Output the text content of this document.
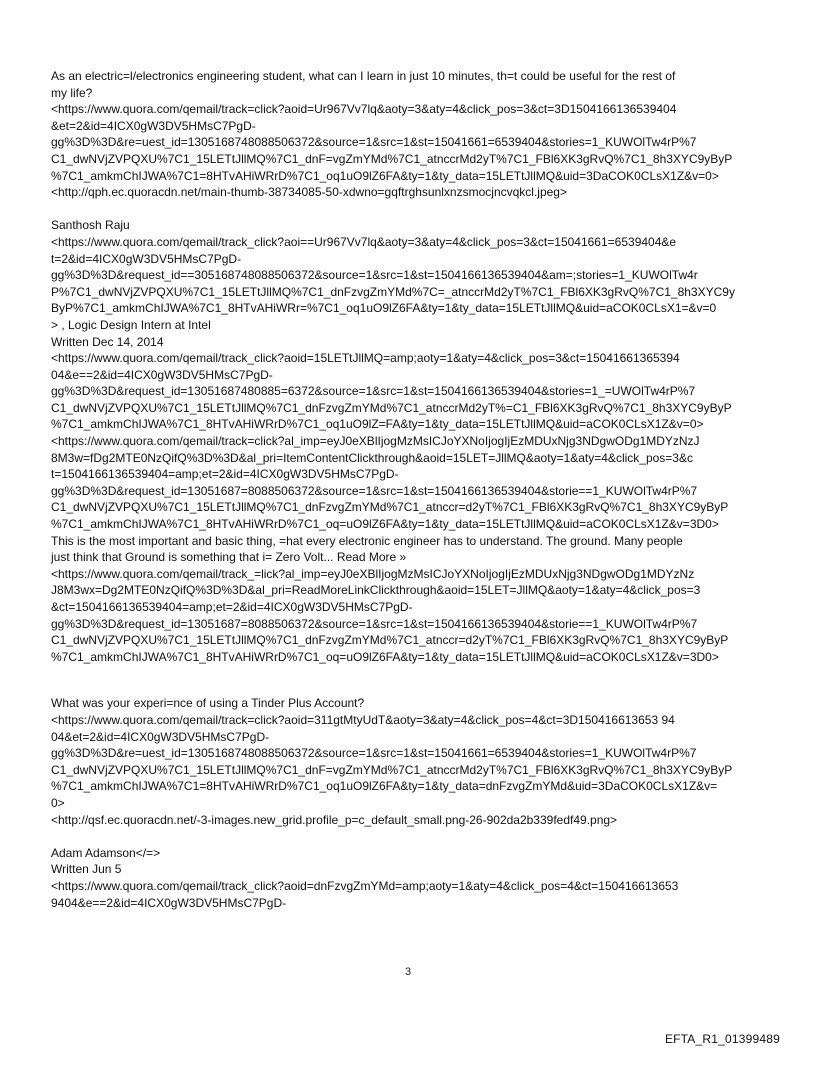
As an electric=l/electronics engineering student, what can I learn in just 10 minutes, th=t could be useful for the rest of
my life?
<https://www.quora.com/qemail/track=click?aoid=Ur967Vv7lq&aoty=3&aty=4&click_pos=3&ct=3D1504166136539404
&et=2&id=4ICX0gW3DV5HMsC7PgD-
gg%3D%3D&re=uest_id=1305168748088506372&source=1&src=1&st=15041661=6539404&stories=1_KUWOlTw4rP%7
C1_dwNVjZVPQXU%7C1_15LETtJllMQ%7C1_dnF=vgZmYMd%7C1_atnccrMd2yT%7C1_FBl6XK3gRvQ%7C1_8h3XYC9yByP
%7C1_amkmChIJWA%7C1=8HTvAHiWRrD%7C1_oq1uO9lZ6FA&ty=1&ty_data=15LETtJllMQ&uid=3DaCOK0CLsX1Z&v=0>
<http://qph.ec.quoracdn.net/main-thumb-38734085-50-xdwno=gqftrghsunlxnzsmocjncvqkcl.jpeg>
Santhosh Raju
<https://www.quora.com/qemail/track_click?aoi==Ur967Vv7lq&aoty=3&aty=4&click_pos=3&ct=15041661=6539404&e
t=2&id=4ICX0gW3DV5HMsC7PgD-
gg%3D%3D&request_id==305168748088506372&source=1&src=1&st=1504166136539404&am=;stories=1_KUWOlTw4r
P%7C1_dwNVjZVPQXU%7C1_15LETtJllMQ%7C1_dnFzvgZmYMd%7C=_atnccrMd2yT%7C1_FBl6XK3gRvQ%7C1_8h3XYC9y
ByP%7C1_amkmChIJWA%7C1_8HTvAHiWRr=%7C1_oq1uO9lZ6FA&ty=1&ty_data=15LETtJllMQ&uid=aCOK0CLsX1=&v=0
> , Logic Design Intern at Intel
Written Dec 14, 2014
<https://www.quora.com/qemail/track_click?aoid=15LETtJllMQ=amp;aoty=1&aty=4&click_pos=3&ct=15041661365394
04&e==2&id=4ICX0gW3DV5HMsC7PgD-
gg%3D%3D&request_id=13051687480885=6372&source=1&src=1&st=1504166136539404&stories=1_=UWOlTw4rP%7
C1_dwNVjZVPQXU%7C1_15LETtJllMQ%7C1_dnFzvgZmYMd%7C1_atnccrMd2yT%=C1_FBl6XK3gRvQ%7C1_8h3XYC9yByP
%7C1_amkmChIJWA%7C1_8HTvAHiWRrD%7C1_oq1uO9lZ=FA&ty=1&ty_data=15LETtJllMQ&uid=aCOK0CLsX1Z&v=0>
<https://www.quora.com/qemail/track=click?al_imp=eyJ0eXBlIjogMzMsICJoYXNoIjogIjEzMDUxNjg3NDgwODg1MDYzNzJ
8M3w=fDg2MTE0NzQifQ%3D%3D&al_pri=ItemContentClickthrough&aoid=15LET=JllMQ&aoty=1&aty=4&click_pos=3&c
t=1504166136539404=amp;et=2&id=4ICX0gW3DV5HMsC7PgD-
gg%3D%3D&request_id=13051687=8088506372&source=1&src=1&st=1504166136539404&storie==1_KUWOlTw4rP%7
C1_dwNVjZVPQXU%7C1_15LETtJllMQ%7C1_dnFzvgZmYMd%7C1_atnccr=d2yT%7C1_FBl6XK3gRvQ%7C1_8h3XYC9yByP
%7C1_amkmChIJWA%7C1_8HTvAHiWRrD%7C1_oq=uO9lZ6FA&ty=1&ty_data=15LETtJllMQ&uid=aCOK0CLsX1Z&v=3D0>
This is the most important and basic thing, =hat every electronic engineer has to understand. The ground. Many people
just think that Ground is something that i= Zero Volt... Read More »
<https://www.quora.com/qemail/track_=lick?al_imp=eyJ0eXBlIjogMzMsICJoYXNoIjogIjEzMDUxNjg3NDgwODg1MDYzNz
J8M3wx=Dg2MTE0NzQifQ%3D%3D&al_pri=ReadMoreLinkClickthrough&aoid=15LET=JllMQ&aoty=1&aty=4&click_pos=3
&ct=1504166136539404=amp;et=2&id=4ICX0gW3DV5HMsC7PgD-
gg%3D%3D&request_id=13051687=8088506372&source=1&src=1&st=1504166136539404&storie==1_KUWOlTw4rP%7
C1_dwNVjZVPQXU%7C1_15LETtJllMQ%7C1_dnFzvgZmYMd%7C1_atnccr=d2yT%7C1_FBl6XK3gRvQ%7C1_8h3XYC9yByP
%7C1_amkmChIJWA%7C1_8HTvAHiWRrD%7C1_oq=uO9lZ6FA&ty=1&ty_data=15LETtJllMQ&uid=aCOK0CLsX1Z&v=3D0>
What was your experi=nce of using a Tinder Plus Account?
<https://www.quora.com/qemail/track=click?aoid=311gtMtyUdT&aoty=3&aty=4&click_pos=4&ct=3D150416613653 94
04&et=2&id=4ICX0gW3DV5HMsC7PgD-
gg%3D%3D&re=uest_id=1305168748088506372&source=1&src=1&st=15041661=6539404&stories=1_KUWOlTw4rP%7
C1_dwNVjZVPQXU%7C1_15LETtJllMQ%7C1_dnF=vgZmYMd%7C1_atnccrMd2yT%7C1_FBl6XK3gRvQ%7C1_8h3XYC9yByP
%7C1_amkmChIJWA%7C1=8HTvAHiWRrD%7C1_oq1uO9lZ6FA&ty=1&ty_data=dnFzvgZmYMd&uid=3DaCOK0CLsX1Z&v=
0>
<http://qsf.ec.quoracdn.net/-3-images.new_grid.profile_p=c_default_small.png-26-902da2b339fedf49.png>
Adam Adamson</=>
Written Jun 5
<https://www.quora.com/qemail/track_click?aoid=dnFzvgZmYMd=amp;aoty=1&aty=4&click_pos=4&ct=150416613653
9404&e==2&id=4ICX0gW3DV5HMsC7PgD-
3
EFTA_R1_01399489
